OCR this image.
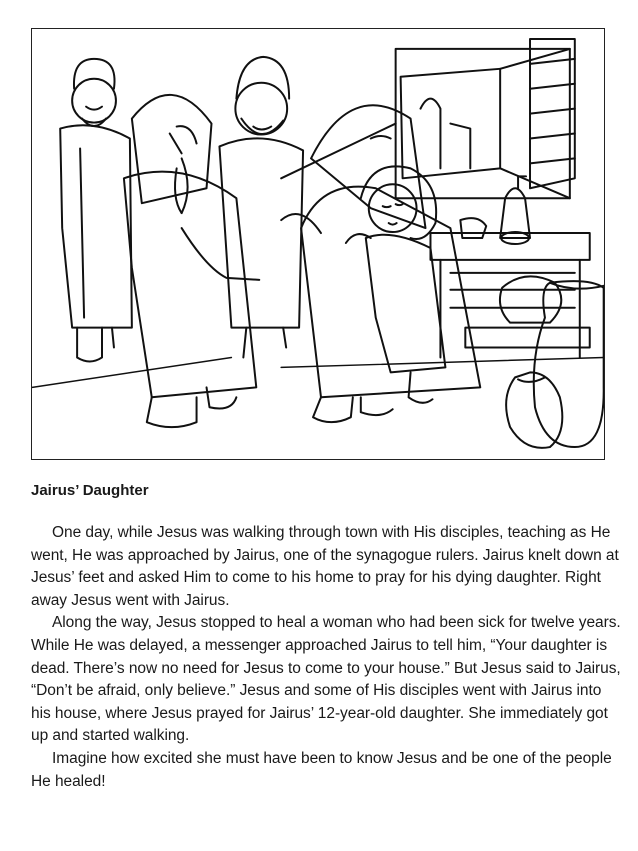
Jairus’ Daughter

One day, while Jesus was walking through town with His disciples, teaching as He went, He was approached by Jairus, one of the synagogue rulers. Jairus knelt down at Jesus’ feet and asked Him to come to his home to pray for his dying daughter. Right away Jesus went with Jairus.

Along the way, Jesus stopped to heal a woman who had been sick for twelve years. While He was delayed, a messenger approached Jairus to tell him, “Your daughter is dead. There’s now no need for Jesus to come to your house.” But Jesus said to Jairus, “Don’t be afraid, only believe.” Jesus and some of His disciples went with Jairus into his house, where Jesus prayed for Jairus’ 12-year-old daughter. She immediately got up and started walking.

Imagine how excited she must have been to know Jesus and be one of the people He healed!
